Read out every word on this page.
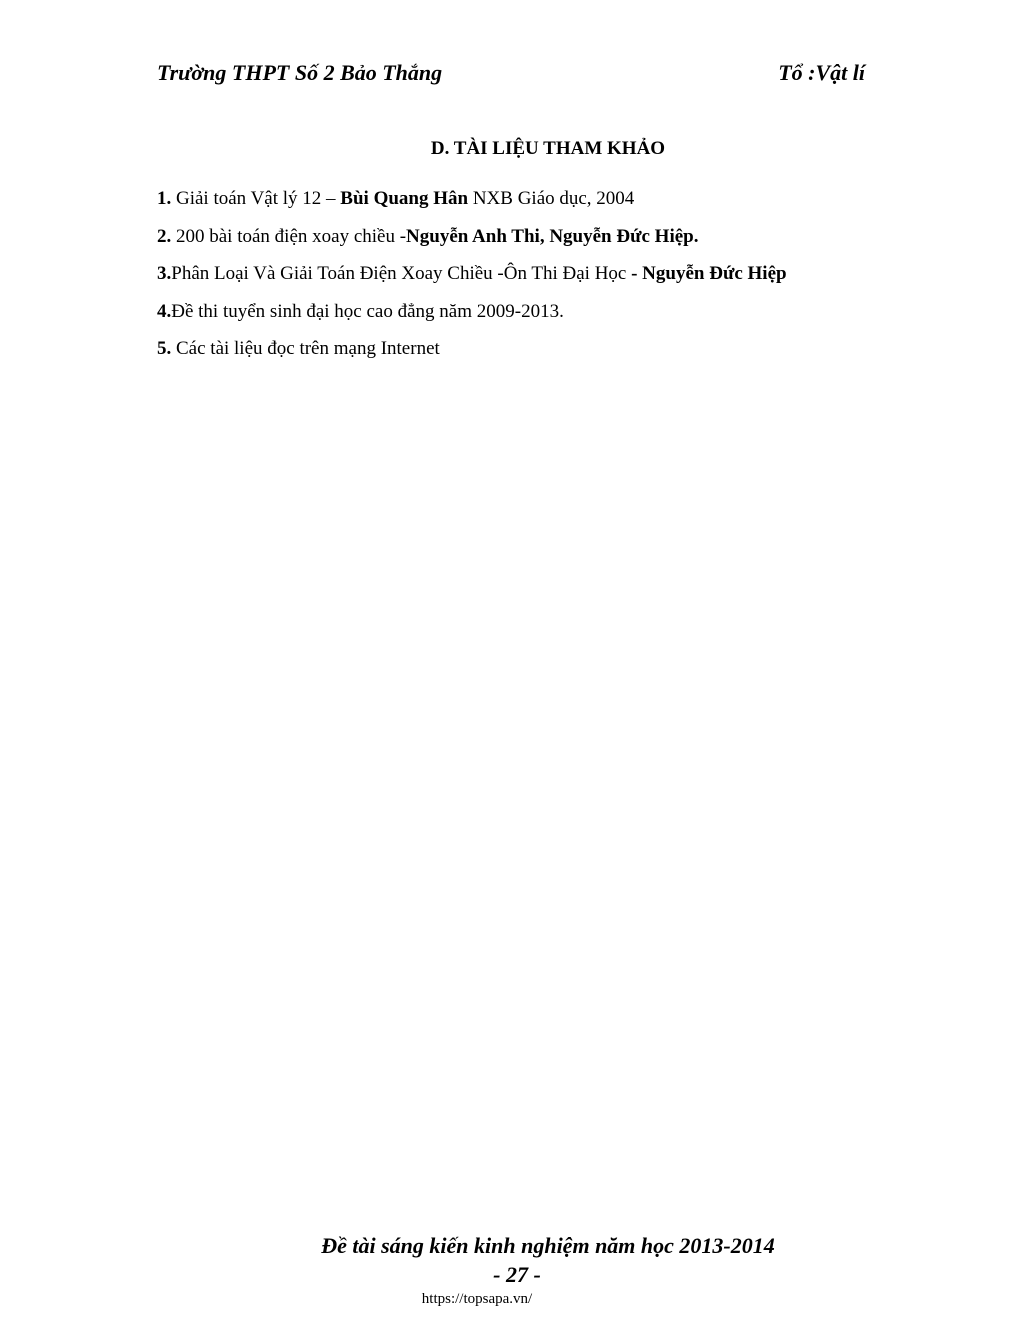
Trường THPT Số 2 Bảo Thắng	Tổ :Vật lí
D. TÀI LIỆU THAM KHẢO
1. Giải toán Vật lý 12 – Bùi Quang Hân NXB Giáo dục, 2004
2. 200 bài toán điện xoay chiều -Nguyễn Anh Thi, Nguyễn Đức Hiệp.
3.Phân Loại Và Giải Toán Điện Xoay Chiều -Ôn Thi Đại Học - Nguyễn Đức Hiệp
4.Đề thi tuyển sinh đại học cao đẳng năm 2009-2013.
5. Các tài liệu đọc trên mạng Internet
Đề tài sáng kiến kinh nghiệm năm học 2013-2014
- 27 -
https://topsapa.vn/
